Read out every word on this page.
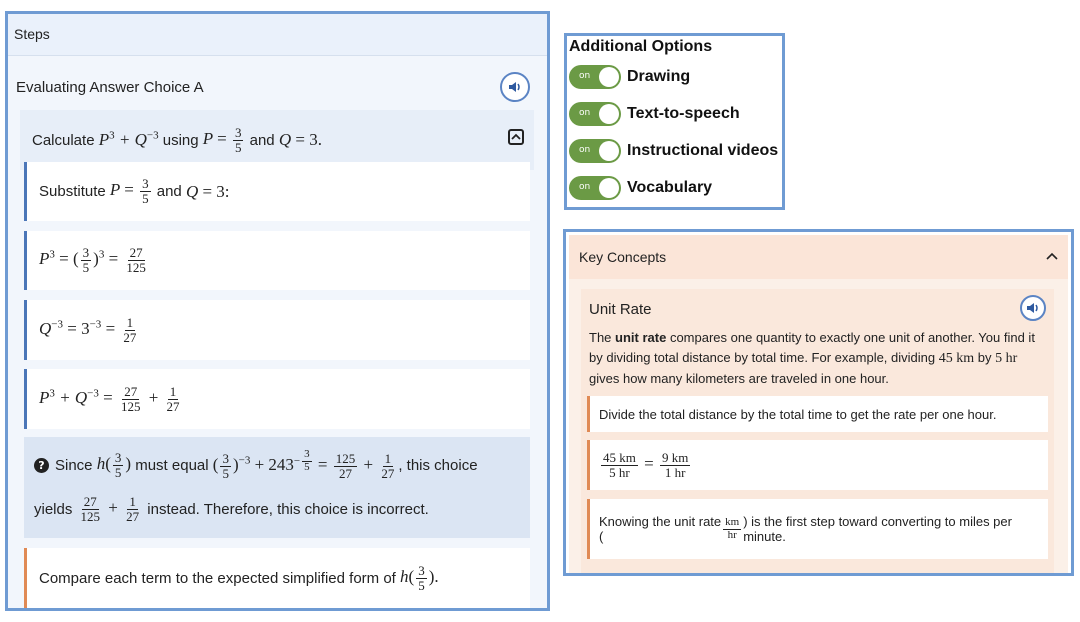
Steps
Evaluating Answer Choice A
Calculate
$P^3 + Q^{-3}$
using
$P = \frac{3}{5}$
and
Q = 3.
Substitute
$P = \frac{3}{5}$
and
Q = 3:
$P^3$ = ( $\frac{3}{5} )^3 = \frac{27}{125}$
$Q^{-3} = 3^{-3} = \frac{1}{27}$
$P^3 + Q^{-3} = \frac{27}{125} + \frac{1}{27}$
? Since
$h( \frac{3}{5}$ )
must equal
( $\frac{3}{5} )^{-3} + 243^{- \frac{3}{5}} = \frac{125}{27} + \frac{1}{27}$ , this choice
yields
$\frac{27}{125} + \frac{1}{27}$
instead. Therefore, this choice is incorrect.
Compare each term to the expected simplified form of
$h( \frac{3}{5}$ ).
Additional Options
on Drawing
on Text-to-speech
on Instructional videos
on Vocabulary
Key Concepts
Unit Rate
The unit rate compares one quantity to exactly one unit of another. You find it by dividing total distance by total time. For example, dividing 45 km by 5 hr
gives how many kilometers are traveled in one hour.
Divide the total distance by the total time to get the rate per one hour.
$\frac{45 km}{5 hr} = \frac{9 km}{1 hr}$
Knowing the unit rate (	$\frac{km}{hr}$ ) is the first step toward converting to miles per minute.
